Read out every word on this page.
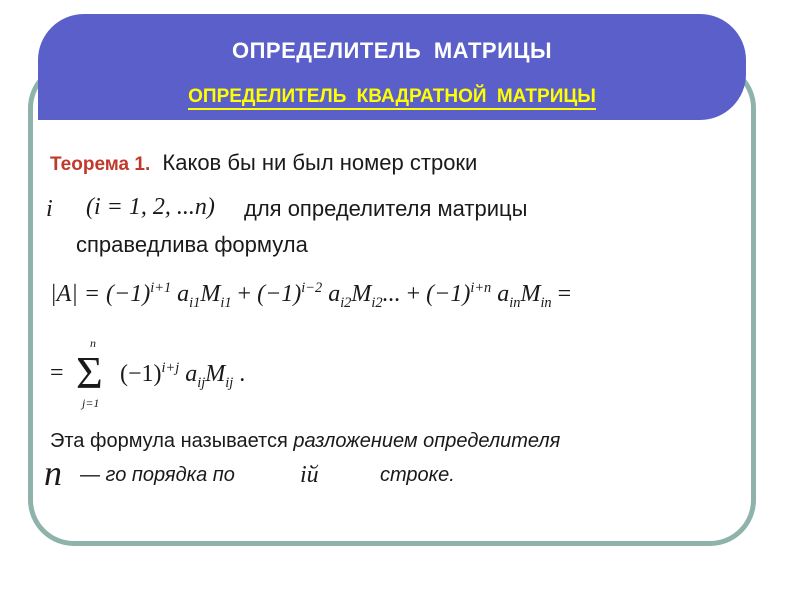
ОПРЕДЕЛИТЕЛЬ МАТРИЦЫ
ОПРЕДЕЛИТЕЛЬ КВАДРАТНОЙ МАТРИЦЫ
Теорема 1. Каков бы ни был номер строки
i (i = 1, 2, ...n) для определителя матрицы
справедлива формула
$|A| = (-1)^{i+1}$ $a_{i1}M_{i1} + (-1)^{i-2}$ $a_{i2}M_{i2}$... + $(-1)^{i+n}$ $a_{in}M_{in}$ =
=
n
Σ
j=1
$(-1)^{i+j}$ $a_{ij}M_{ij}$ .
Эта формула называется разложением определителя
n — го порядка по	iй	строке.
